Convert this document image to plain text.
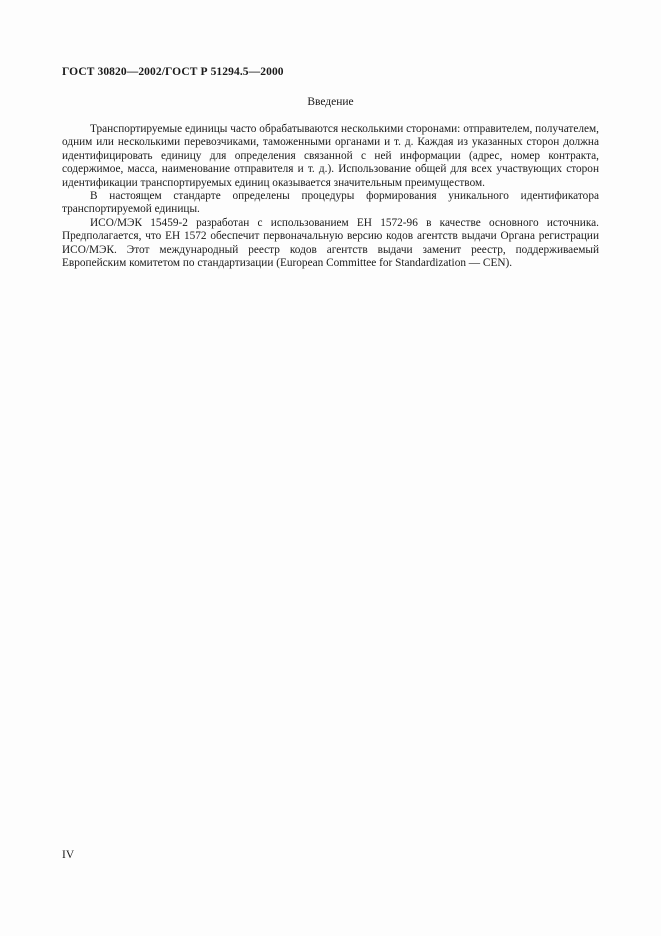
ГОСТ 30820—2002/ГОСТ Р 51294.5—2000
Введение

Транспортируемые единицы часто обрабатываются несколькими сторонами: отправителем, получателем, одним или несколькими перевозчиками, таможенными органами и т. д. Каждая из указанных сторон должна идентифицировать единицу для определения связанной с ней информации (адрес, номер контракта, содержимое, масса, наименование отправителя и т. д.). Использование общей для всех участвующих сторон идентификации транспортируемых единиц оказывается значительным преимуществом.

В настоящем стандарте определены процедуры формирования уникального идентификатора транспортируемой единицы.

ИСО/МЭК 15459-2 разработан с использованием ЕН 1572-96 в качестве основного источника. Предполагается, что ЕН 1572 обеспечит первоначальную версию кодов агентств выдачи Органа регистрации ИСО/МЭК. Этот международный реестр кодов агентств выдачи заменит реестр, поддерживаемый Европейским комитетом по стандартизации (European Committee for Standardization — CEN).

IV
